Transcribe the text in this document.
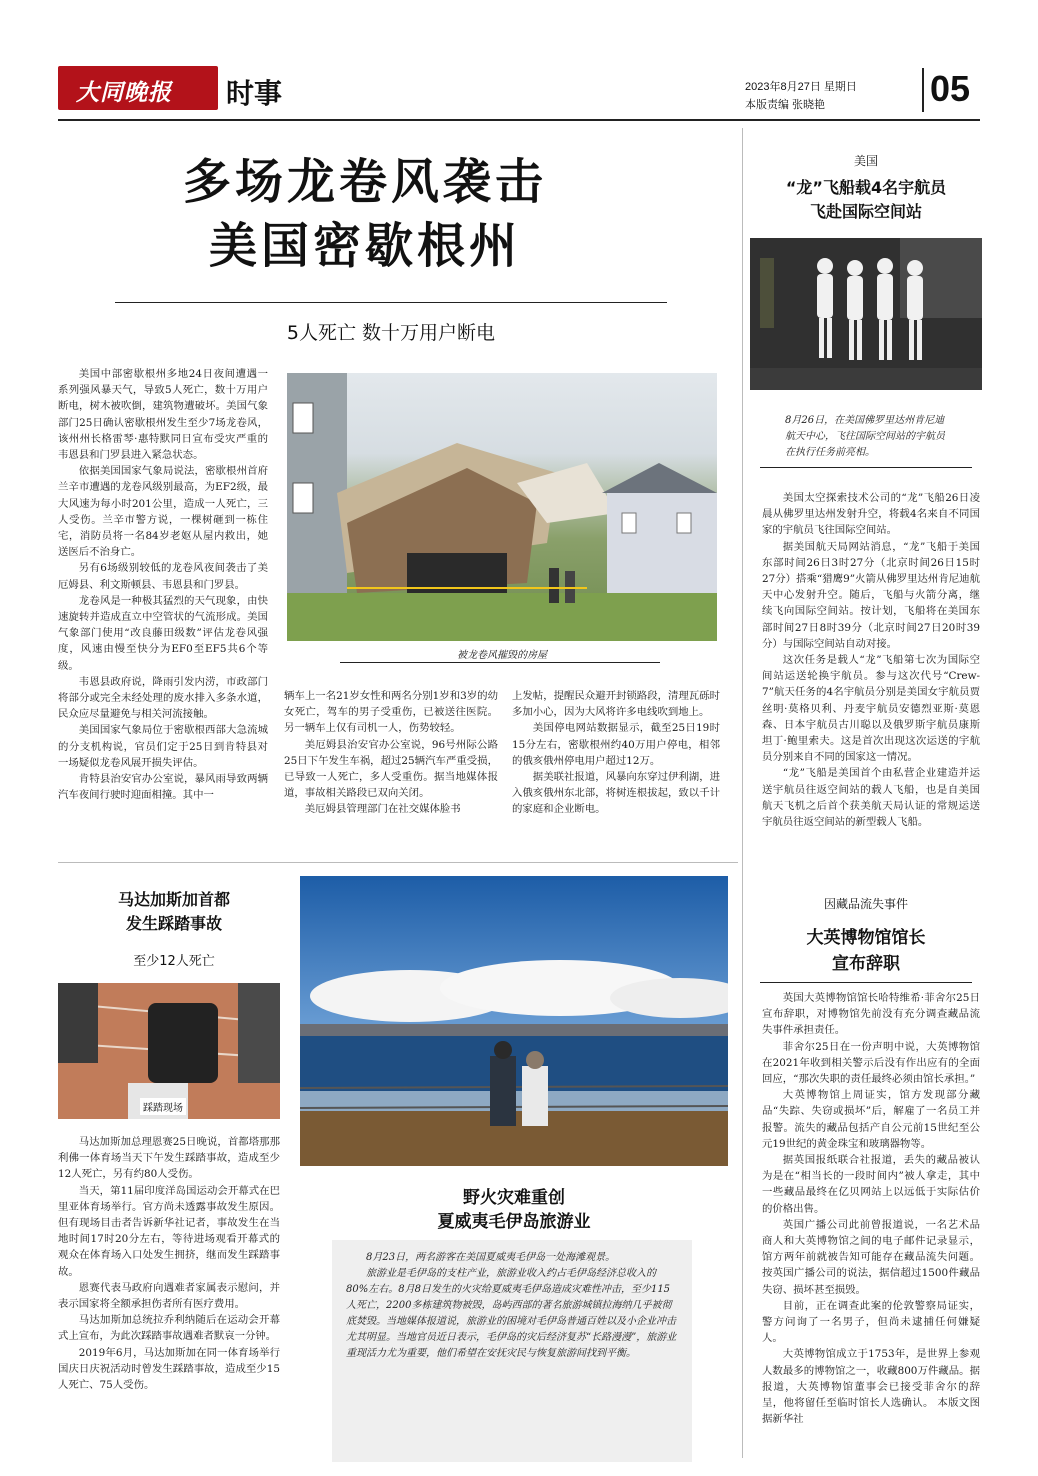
大同晚报 时事	2023年8月27日 星期日
本版责编 张晓艳	05
多场龙卷风袭击
美国密歇根州
5人死亡 数十万用户断电

美国中部密歇根州多地24日夜间遭遇一系列强风暴天气，导致5人死亡，数十万用户断电，树木被吹倒，建筑物遭破坏。美国气象部门25日确认密歇根州发生至少7场龙卷风，该州州长格雷琴·惠特默同日宣布受灾严重的韦恩县和门罗县进入紧急状态。

依据美国国家气象局说法，密歇根州首府兰辛市遭遇的龙卷风级别最高，为EF2级，最大风速为每小时201公里，造成一人死亡，三人受伤。兰辛市警方说，一棵树砸到一栋住宅，消防员将一名84岁老妪从屋内救出，她送医后不治身亡。

另有6场级别较低的龙卷风夜间袭击了美厄姆县、利文斯顿县、韦恩县和门罗县。

龙卷风是一种极其猛烈的天气现象，由快速旋转并造成直立中空管状的气流形成。美国气象部门使用“改良藤田级数”评估龙卷风强度，风速由慢至快分为EF0至EF5共6个等级。

韦恩县政府说，降雨引发内涝，市政部门将部分或完全未经处理的废水排入多条水道，民众应尽量避免与相关河流接触。

美国国家气象局位于密歇根西部大急流城的分支机构说，官员们定于25日到肯特县对一场疑似龙卷风展开损失评估。

肯特县治安官办公室说，暴风雨导致两辆汽车夜间行驶时迎面相撞。其中一

被龙卷风摧毁的房屋

辆车上一名21岁女性和两名分别1岁和3岁的幼女死亡，驾车的男子受重伤，已被送往医院。另一辆车上仅有司机一人，伤势较轻。

美厄姆县治安官办公室说，96号州际公路25日下午发生车祸，超过25辆汽车严重受损，已导致一人死亡，多人受重伤。据当地媒体报道，事故相关路段已双向关闭。

美厄姆县管理部门在社交媒体脸书

上发帖，提醒民众避开封锁路段，清理瓦砾时多加小心，因为大风将许多电线吹到地上。

美国停电网站数据显示，截至25日19时15分左右，密歇根州约40万用户停电，相邻的俄亥俄州停电用户超过12万。

据美联社报道，风暴向东穿过伊利湖，进入俄亥俄州东北部，将树连根拔起，致以千计的家庭和企业断电。

美国
“龙”飞船载4名宇航员
飞赴国际空间站
8月26日，在美国佛罗里达州肯尼迪航天中心，飞往国际空间站的宇航员在执行任务前亮相。

美国太空探索技术公司的“龙”飞船26日凌晨从佛罗里达州发射升空，将载4名来自不同国家的宇航员飞往国际空间站。

据美国航天局网站消息，“龙”飞船于美国东部时间26日3时27分（北京时间26日15时27分）搭乘“猎鹰9”火箭从佛罗里达州肯尼迪航天中心发射升空。随后，飞船与火箭分离，继续飞向国际空间站。按计划，飞船将在美国东部时间27日8时39分（北京时间27日20时39分）与国际空间站自动对接。

这次任务是载人“龙”飞船第七次为国际空间站运送轮换宇航员。参与这次代号“Crew-7”航天任务的4名宇航员分别是美国女宇航员贾丝明·莫格贝利、丹麦宇航员安德烈亚斯·莫恩森、日本宇航员古川聪以及俄罗斯宇航员康斯坦丁·鲍里索夫。这是首次出现这次运送的宇航员分别来自不同的国家这一情况。

“龙”飞船是美国首个由私营企业建造并运送宇航员往返空间站的载人飞船，也是自美国航天飞机之后首个获美航天局认证的常规运送宇航员往返空间站的新型载人飞船。

因藏品流失事件
大英博物馆馆长
宣布辞职

英国大英博物馆馆长哈特维希·菲舍尔25日宣布辞职，对博物馆先前没有充分调查藏品流失事件承担责任。

菲舍尔25日在一份声明中说，大英博物馆在2021年收到相关警示后没有作出应有的全面回应，“那次失职的责任最终必须由馆长承担。”

大英博物馆上周证实，馆方发现部分藏品“失踪、失窃或损坏”后，解雇了一名员工并报警。流失的藏品包括产自公元前15世纪至公元19世纪的黄金珠宝和玻璃器物等。

据英国报纸联合社报道，丢失的藏品被认为是在“相当长的一段时间内”被人拿走，其中一些藏品最终在亿贝网站上以远低于实际估价的价格出售。

英国广播公司此前曾报道说，一名艺术品商人和大英博物馆之间的电子邮件记录显示，馆方两年前就被告知可能存在藏品流失问题。按英国广播公司的说法，据信超过1500件藏品失窃、损坏甚至损毁。

目前，正在调查此案的伦敦警察局证实，警方问询了一名男子，但尚未逮捕任何嫌疑人。

大英博物馆成立于1753年，是世界上参观人数最多的博物馆之一，收藏800万件藏品。据报道，大英博物馆董事会已接受菲舍尔的辞呈，他将留任至临时馆长人选确认。 本版文图据新华社

马达加斯加首都
发生踩踏事故
至少12人死亡
踩踏现场

马达加斯加总理恩赛25日晚说，首都塔那那利佛一体育场当天下午发生踩踏事故，造成至少12人死亡，另有约80人受伤。

当天，第11届印度洋岛国运动会开幕式在巴里亚体育场举行。官方尚未透露事故发生原因。但有现场目击者告诉新华社记者，事故发生在当地时间17时20分左右，等待进场观看开幕式的观众在体育场入口处发生拥挤，继而发生踩踏事故。

恩赛代表马政府向遇难者家属表示慰问，并表示国家将全额承担伤者所有医疗费用。

马达加斯加总统拉乔利纳随后在运动会开幕式上宣布，为此次踩踏事故遇难者默哀一分钟。

2019年6月，马达加斯加在同一体育场举行国庆日庆祝活动时曾发生踩踏事故，造成至少15人死亡、75人受伤。

野火灾难重创
夏威夷毛伊岛旅游业
8月23日，两名游客在美国夏威夷毛伊岛一处海滩观景。
旅游业是毛伊岛的支柱产业，旅游业收入约占毛伊岛经济总收入的80%左右。8月8日发生的火灾给夏威夷毛伊岛造成灾难性冲击，至少115人死亡，2200多栋建筑物被毁，岛屿西部的著名旅游城镇拉海纳几乎被彻底焚毁。当地媒体报道说，旅游业的困境对毛伊岛普通百姓以及小企业冲击尤其明显。当地官员近日表示，毛伊岛的灾后经济复苏“长路漫漫”，旅游业重现活力尤为重要，他们希望在安抚灾民与恢复旅游间找到平衡。
